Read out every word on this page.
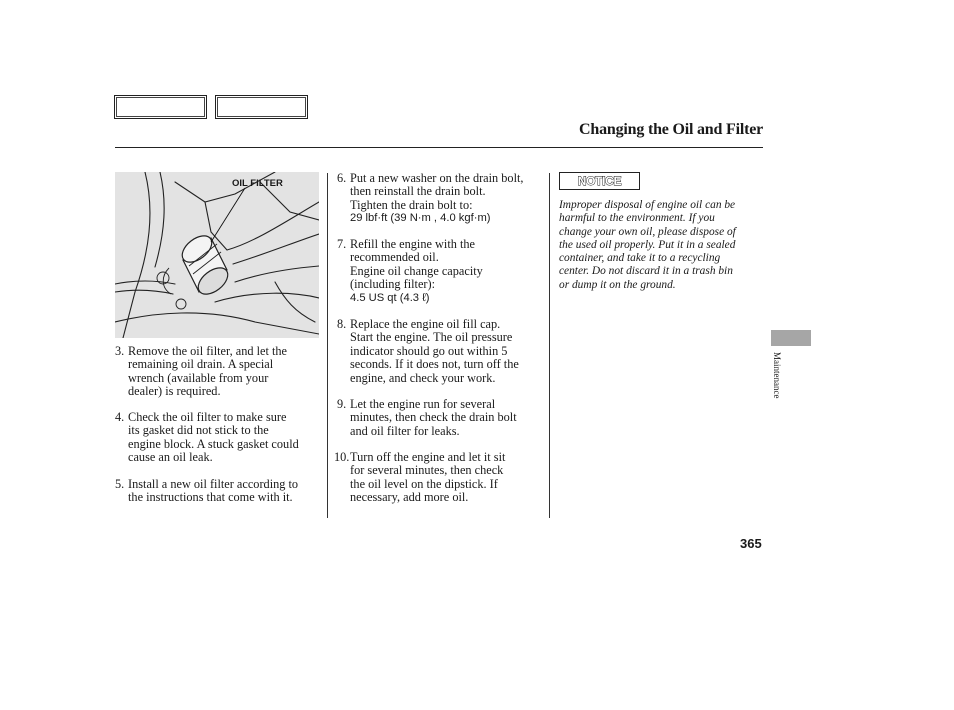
Changing the Oil and Filter
OIL FILTER
3. Remove the oil filter, and let the
remaining oil drain. A special
wrench (available from your
dealer) is required.
4. Check the oil filter to make sure
its gasket did not stick to the
engine block. A stuck gasket could
cause an oil leak.
5. Install a new oil filter according to
the instructions that come with it.
6. Put a new washer on the drain bolt,
then reinstall the drain bolt.
Tighten the drain bolt to:
29 lbf·ft (39 N·m , 4.0 kgf·m)
7. Refill the engine with the
recommended oil.
Engine oil change capacity
(including filter):
4.5 US qt (4.3 ℓ)
8. Replace the engine oil fill cap.
Start the engine. The oil pressure
indicator should go out within 5
seconds. If it does not, turn off the
engine, and check your work.
9. Let the engine run for several
minutes, then check the drain bolt
and oil filter for leaks.
10. Turn off the engine and let it sit
for several minutes, then check
the oil level on the dipstick. If
necessary, add more oil.
NOTICE
Improper disposal of engine oil can be
harmful to the environment. If you
change your own oil, please dispose of
the used oil properly. Put it in a sealed
container, and take it to a recycling
center. Do not discard it in a trash bin
or dump it on the ground.
Maintenance
365
